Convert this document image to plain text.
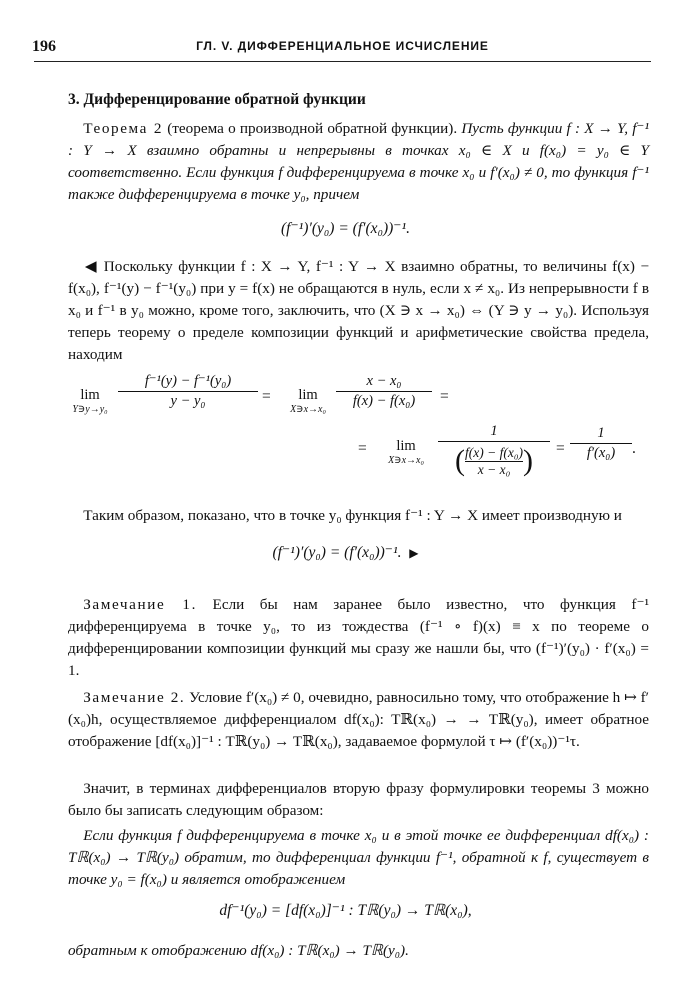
196	ГЛ. V. ДИФФЕРЕНЦИАЛЬНОЕ ИСЧИСЛЕНИЕ
3. Дифференцирование обратной функции

 Теорема 2 (теорема о производной обратной функции). Пусть функции f : X → Y, f⁻¹ : Y → X взаимно обратны и непрерывны в точках x₀ ∈ X и f(x₀) = y₀ ∈ Y соответственно. Если функция f дифференцируема в точке x₀ и f′(x₀) ≠ 0, то функция f⁻¹ также дифференцируема в точке y₀, причем

(f⁻¹)′(y₀) = (f′(x₀))⁻¹.

 ◀ Поскольку функции f : X → Y, f⁻¹ : Y → X взаимно обратны, то величины f(x) − f(x₀), f⁻¹(y) − f⁻¹(y₀) при y = f(x) не обращаются в нуль, если x ≠ x₀. Из непрерывности f в x₀ и f⁻¹ в y₀ можно, кроме того, заключить, что (X ∋ x → x₀) ⇔ (Y ∋ y → y₀). Используя теперь теорему о пределе композиции функций и арифметические свойства предела, находим

lim
Y∋y→y₀ $\frac{\text{f⁻¹(y) − f⁻¹(y₀)}}{\text{y − y₀}}$ =	lim
X∋x→x₀ $\frac{\text{x − x₀}}{\text{f(x) − f(x₀)}}$ =
=	lim
X∋x→x₀ $\frac{1}{( \frac{\text{f(x) − f(x₀)}}{\text{x − x₀}} )} = \frac{1}{\text{f′(x₀)}}$ .

 Таким образом, показано, что в точке y₀ функция f⁻¹ : Y → X имеет производную и

(f⁻¹)′(y₀) = (f′(x₀))⁻¹.  ▶

 Замечание 1. Если бы нам заранее было известно, что функция f⁻¹ дифференцируема в точке y₀, то из тождества (f⁻¹ ∘ f)(x) ≡ x по теореме о дифференцировании композиции функций мы сразу же нашли бы, что (f⁻¹)′(y₀) · f′(x₀) = 1.

 Замечание 2. Условие f′(x₀) ≠ 0, очевидно, равносильно тому, что отображение h ↦ f′(x₀)h, осуществляемое дифференциалом df(x₀): Tℝ(x₀) → → Tℝ(y₀), имеет обратное отображение [df(x₀)]⁻¹ : Tℝ(y₀) → Tℝ(x₀), задаваемое формулой τ ↦ (f′(x₀))⁻¹τ.

 Значит, в терминах дифференциалов вторую фразу формулировки теоремы 3 можно было бы записать следующим образом:

 Если функция f дифференцируема в точке x₀ и в этой точке ее дифференциал df(x₀) : Tℝ(x₀) → Tℝ(y₀) обратим, то дифференциал функции f⁻¹, обратной к f, существует в точке y₀ = f(x₀) и является отображением

df⁻¹(y₀) = [df(x₀)]⁻¹ : Tℝ(y₀) → Tℝ(x₀),

обратным к отображению df(x₀) : Tℝ(x₀) → Tℝ(y₀).
